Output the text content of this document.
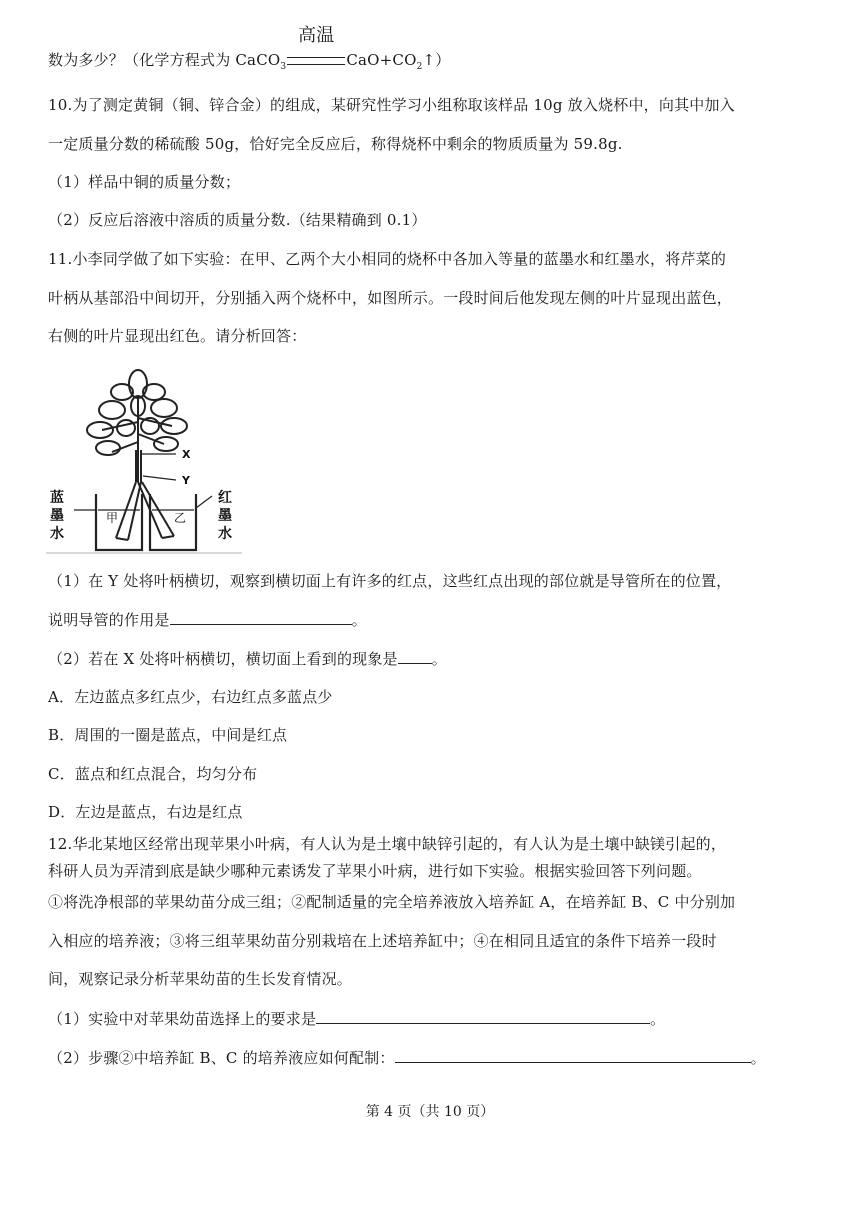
数为多少？（化学方程式为 CaCO$_3$
高温
$CaO+CO_2↑$）
10.为了测定黄铜（铜、锌合金）的组成，某研究性学习小组称取该样品 10g 放入烧杯中，向其中加入
一定质量分数的稀硫酸 50g，恰好完全反应后，称得烧杯中剩余的物质质量为 59.8g.
（1）样品中铜的质量分数；
（2）反应后溶液中溶质的质量分数.（结果精确到 0.1）
11.小李同学做了如下实验：在甲、乙两个大小相同的烧杯中各加入等量的蓝墨水和红墨水，将芹菜的
叶柄从基部沿中间切开，分别插入两个烧杯中，如图所示。一段时间后他发现左侧的叶片显现出蓝色，
右侧的叶片显现出红色。请分析回答：
X
Y
甲	乙
蓝
墨
水
红
墨
水
（1）在 Y 处将叶柄横切，观察到横切面上有许多的红点，这些红点出现的部位就是导管所在的位置，
说明导管的作用是	。
（2）若在 X 处将叶柄横切，横切面上看到的现象是 。
A．左边蓝点多红点少，右边红点多蓝点少
B．周围的一圈是蓝点，中间是红点
C．蓝点和红点混合，均匀分布
D．左边是蓝点，右边是红点
12.华北某地区经常出现苹果小叶病，有人认为是土壤中缺锌引起的，有人认为是土壤中缺镁引起的，
科研人员为弄清到底是缺少哪种元素诱发了苹果小叶病，进行如下实验。根据实验回答下列问题。
①将洗净根部的苹果幼苗分成三组；②配制适量的完全培养液放入培养缸 A，在培养缸 B、C 中分别加
入相应的培养液；③将三组苹果幼苗分别栽培在上述培养缸中；④在相同且适宜的条件下培养一段时
间，观察记录分析苹果幼苗的生长发育情况。
（1）实验中对苹果幼苗选择上的要求是	。
（2）步骤②中培养缸 B、C 的培养液应如何配制：	。
第 4 页（共 10 页）
